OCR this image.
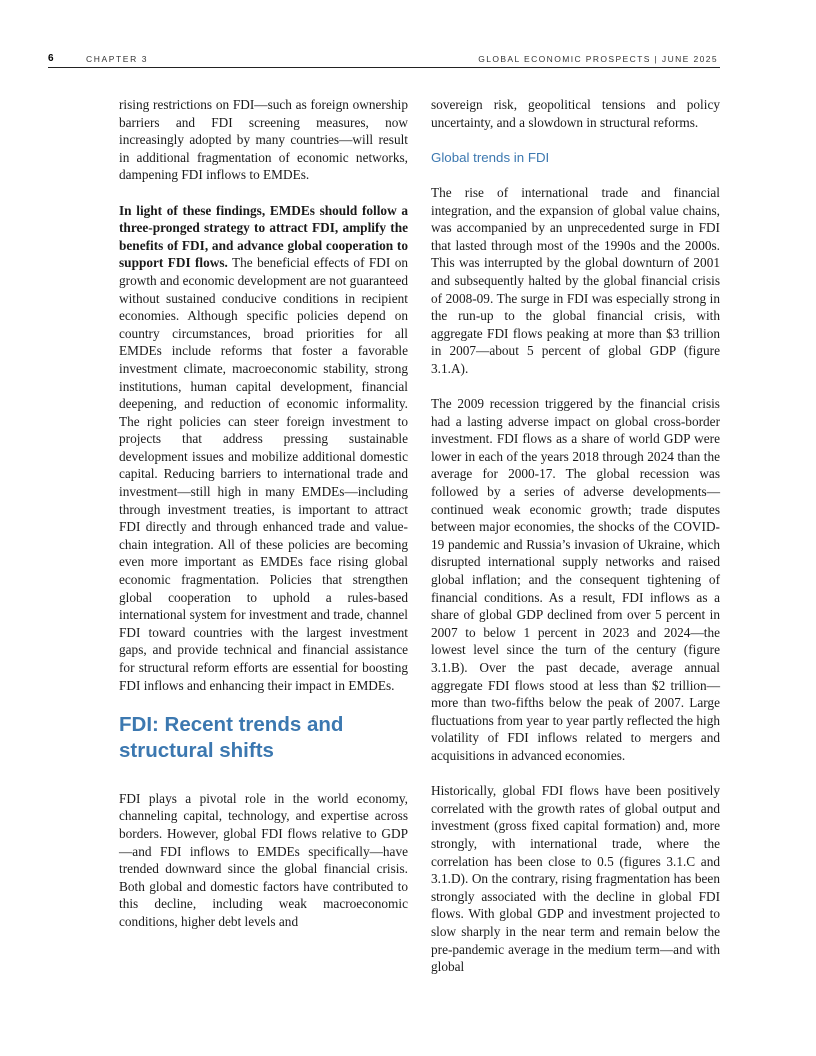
6	CHAPTER 3	GLOBAL ECONOMIC PROSPECTS | JUNE 2025

rising restrictions on FDI—such as foreign ownership barriers and FDI screening measures, now increasingly adopted by many countries—will result in additional fragmentation of economic networks, dampening FDI inflows to EMDEs.

In light of these findings, EMDEs should follow a three-pronged strategy to attract FDI, amplify the benefits of FDI, and advance global cooperation to support FDI flows. The beneficial effects of FDI on growth and economic development are not guaranteed without sustained conducive conditions in recipient economies. Although specific policies depend on country circumstances, broad priorities for all EMDEs include reforms that foster a favorable investment climate, macroeconomic stability, strong institutions, human capital development, financial deepening, and reduction of economic informality. The right policies can steer foreign investment to projects that address pressing sustainable development issues and mobilize additional domestic capital. Reducing barriers to international trade and investment—still high in many EMDEs—including through investment treaties, is important to attract FDI directly and through enhanced trade and value-chain integration. All of these policies are becoming even more important as EMDEs face rising global economic fragmentation. Policies that strengthen global cooperation to uphold a rules-based international system for investment and trade, channel FDI toward countries with the largest investment gaps, and provide technical and financial assistance for structural reform efforts are essential for boosting FDI inflows and enhancing their impact in EMDEs.

FDI: Recent trends and structural shifts

FDI plays a pivotal role in the world economy, channeling capital, technology, and expertise across borders. However, global FDI flows relative to GDP—and FDI inflows to EMDEs specifically—have trended downward since the global financial crisis. Both global and domestic factors have contributed to this decline, including weak macroeconomic conditions, higher debt levels and

sovereign risk, geopolitical tensions and policy uncertainty, and a slowdown in structural reforms.

Global trends in FDI

The rise of international trade and financial integration, and the expansion of global value chains, was accompanied by an unprecedented surge in FDI that lasted through most of the 1990s and the 2000s. This was interrupted by the global downturn of 2001 and subsequently halted by the global financial crisis of 2008-09. The surge in FDI was especially strong in the run-up to the global financial crisis, with aggregate FDI flows peaking at more than $3 trillion in 2007—about 5 percent of global GDP (figure 3.1.A).

The 2009 recession triggered by the financial crisis had a lasting adverse impact on global cross-border investment. FDI flows as a share of world GDP were lower in each of the years 2018 through 2024 than the average for 2000-17. The global recession was followed by a series of adverse developments—continued weak economic growth; trade disputes between major economies, the shocks of the COVID-19 pandemic and Russia’s invasion of Ukraine, which disrupted international supply networks and raised global inflation; and the consequent tightening of financial conditions. As a result, FDI inflows as a share of global GDP declined from over 5 percent in 2007 to below 1 percent in 2023 and 2024—the lowest level since the turn of the century (figure 3.1.B). Over the past decade, average annual aggregate FDI flows stood at less than $2 trillion—more than two-fifths below the peak of 2007. Large fluctuations from year to year partly reflected the high volatility of FDI inflows related to mergers and acquisitions in advanced economies.

Historically, global FDI flows have been positively correlated with the growth rates of global output and investment (gross fixed capital formation) and, more strongly, with international trade, where the correlation has been close to 0.5 (figures 3.1.C and 3.1.D). On the contrary, rising fragmentation has been strongly associated with the decline in global FDI flows. With global GDP and investment projected to slow sharply in the near term and remain below the pre-pandemic average in the medium term—and with global
